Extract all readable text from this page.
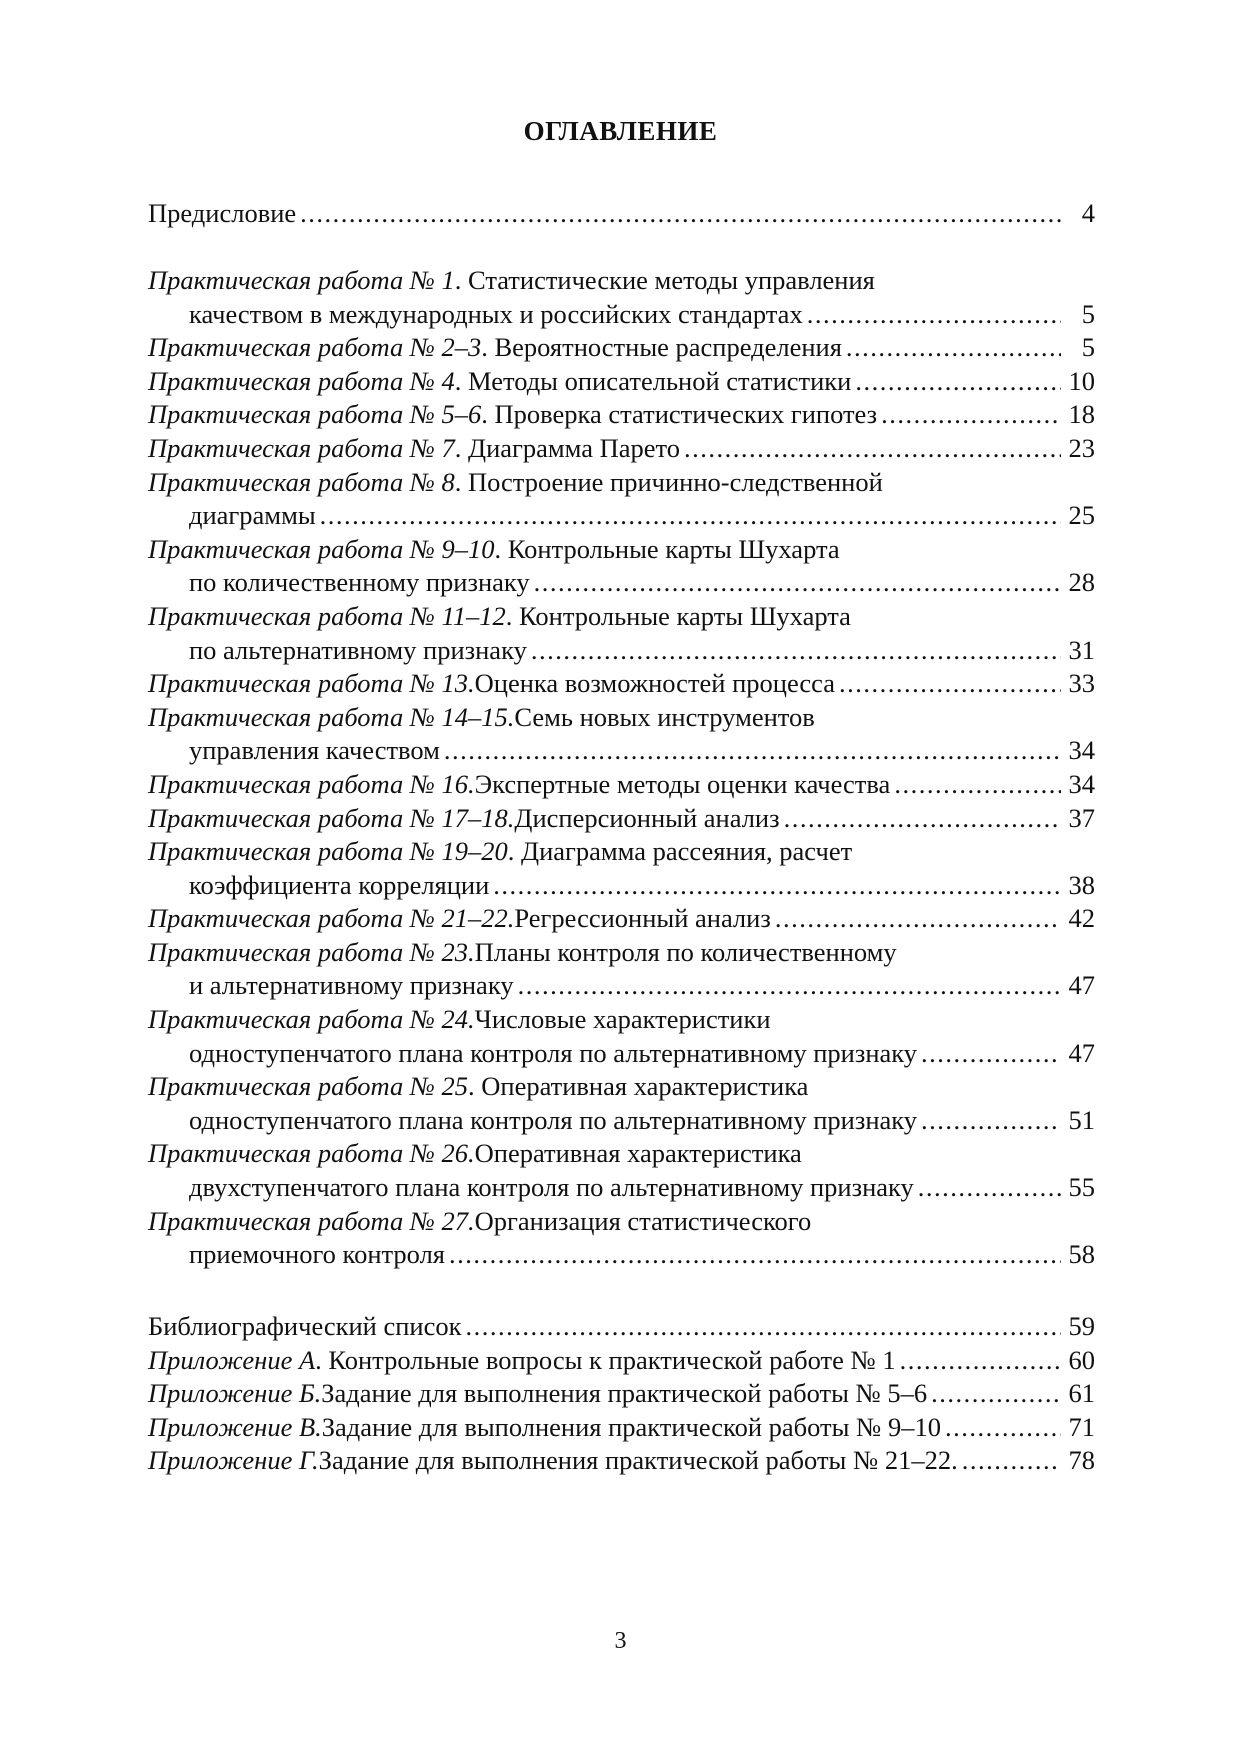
ОГЛАВЛЕНИЕ
Предисловие .....	4
Практическая работа № 1 . Статистические методы управления
качеством в международных и российских стандартах .....	5
Практическая работа № 2–3 . Вероятностные распределения .....	5
Практическая работа № 4 . Методы описательной статистики .....	10
Практическая работа № 5–6 . Проверка статистических гипотез .....	18
Практическая работа № 7 . Диаграмма Парето .....	23
Практическая работа № 8 . Построение причинно-следственной
диаграммы .....	25
Практическая работа № 9–10 . Контрольные карты Шухарта
по количественному признаку .....	28
Практическая работа № 11–12 . Контрольные карты Шухарта
по альтернативному признаку .....	31
Практическая работа № 13. Оценка возможностей процесса .....	33
Практическая работа № 14–15. Семь новых инструментов
управления качеством .....	34
Практическая работа № 16. Экспертные методы оценки качества .....	34
Практическая работа № 17–18. Дисперсионный анализ .....	37
Практическая работа № 19–20 . Диаграмма рассеяния, расчет
коэффициента корреляции .....	38
Практическая работа № 21–22. Регрессионный анализ .....	42
Практическая работа № 23. Планы контроля по количественному
и альтернативному признаку .....	47
Практическая работа № 24. Числовые характеристики
одноступенчатого плана контроля по альтернативному признаку .....	47
Практическая работа № 25 . Оперативная характеристика
одноступенчатого плана контроля по альтернативному признаку .....	51
Практическая работа № 26. Оперативная характеристика
двухступенчатого плана контроля по альтернативному признаку .....	55
Практическая работа № 27. Организация статистического
приемочного контроля .....	58
Библиографический список .....	59
Приложение А . Контрольные вопросы к практической работе № 1 .....	60
Приложение Б. Задание для выполнения практической работы № 5–6 .....	61
Приложение В. Задание для выполнения практической работы № 9–10 .....	71
Приложение Г. Задание для выполнения практической работы № 21–22. .....	78
3
